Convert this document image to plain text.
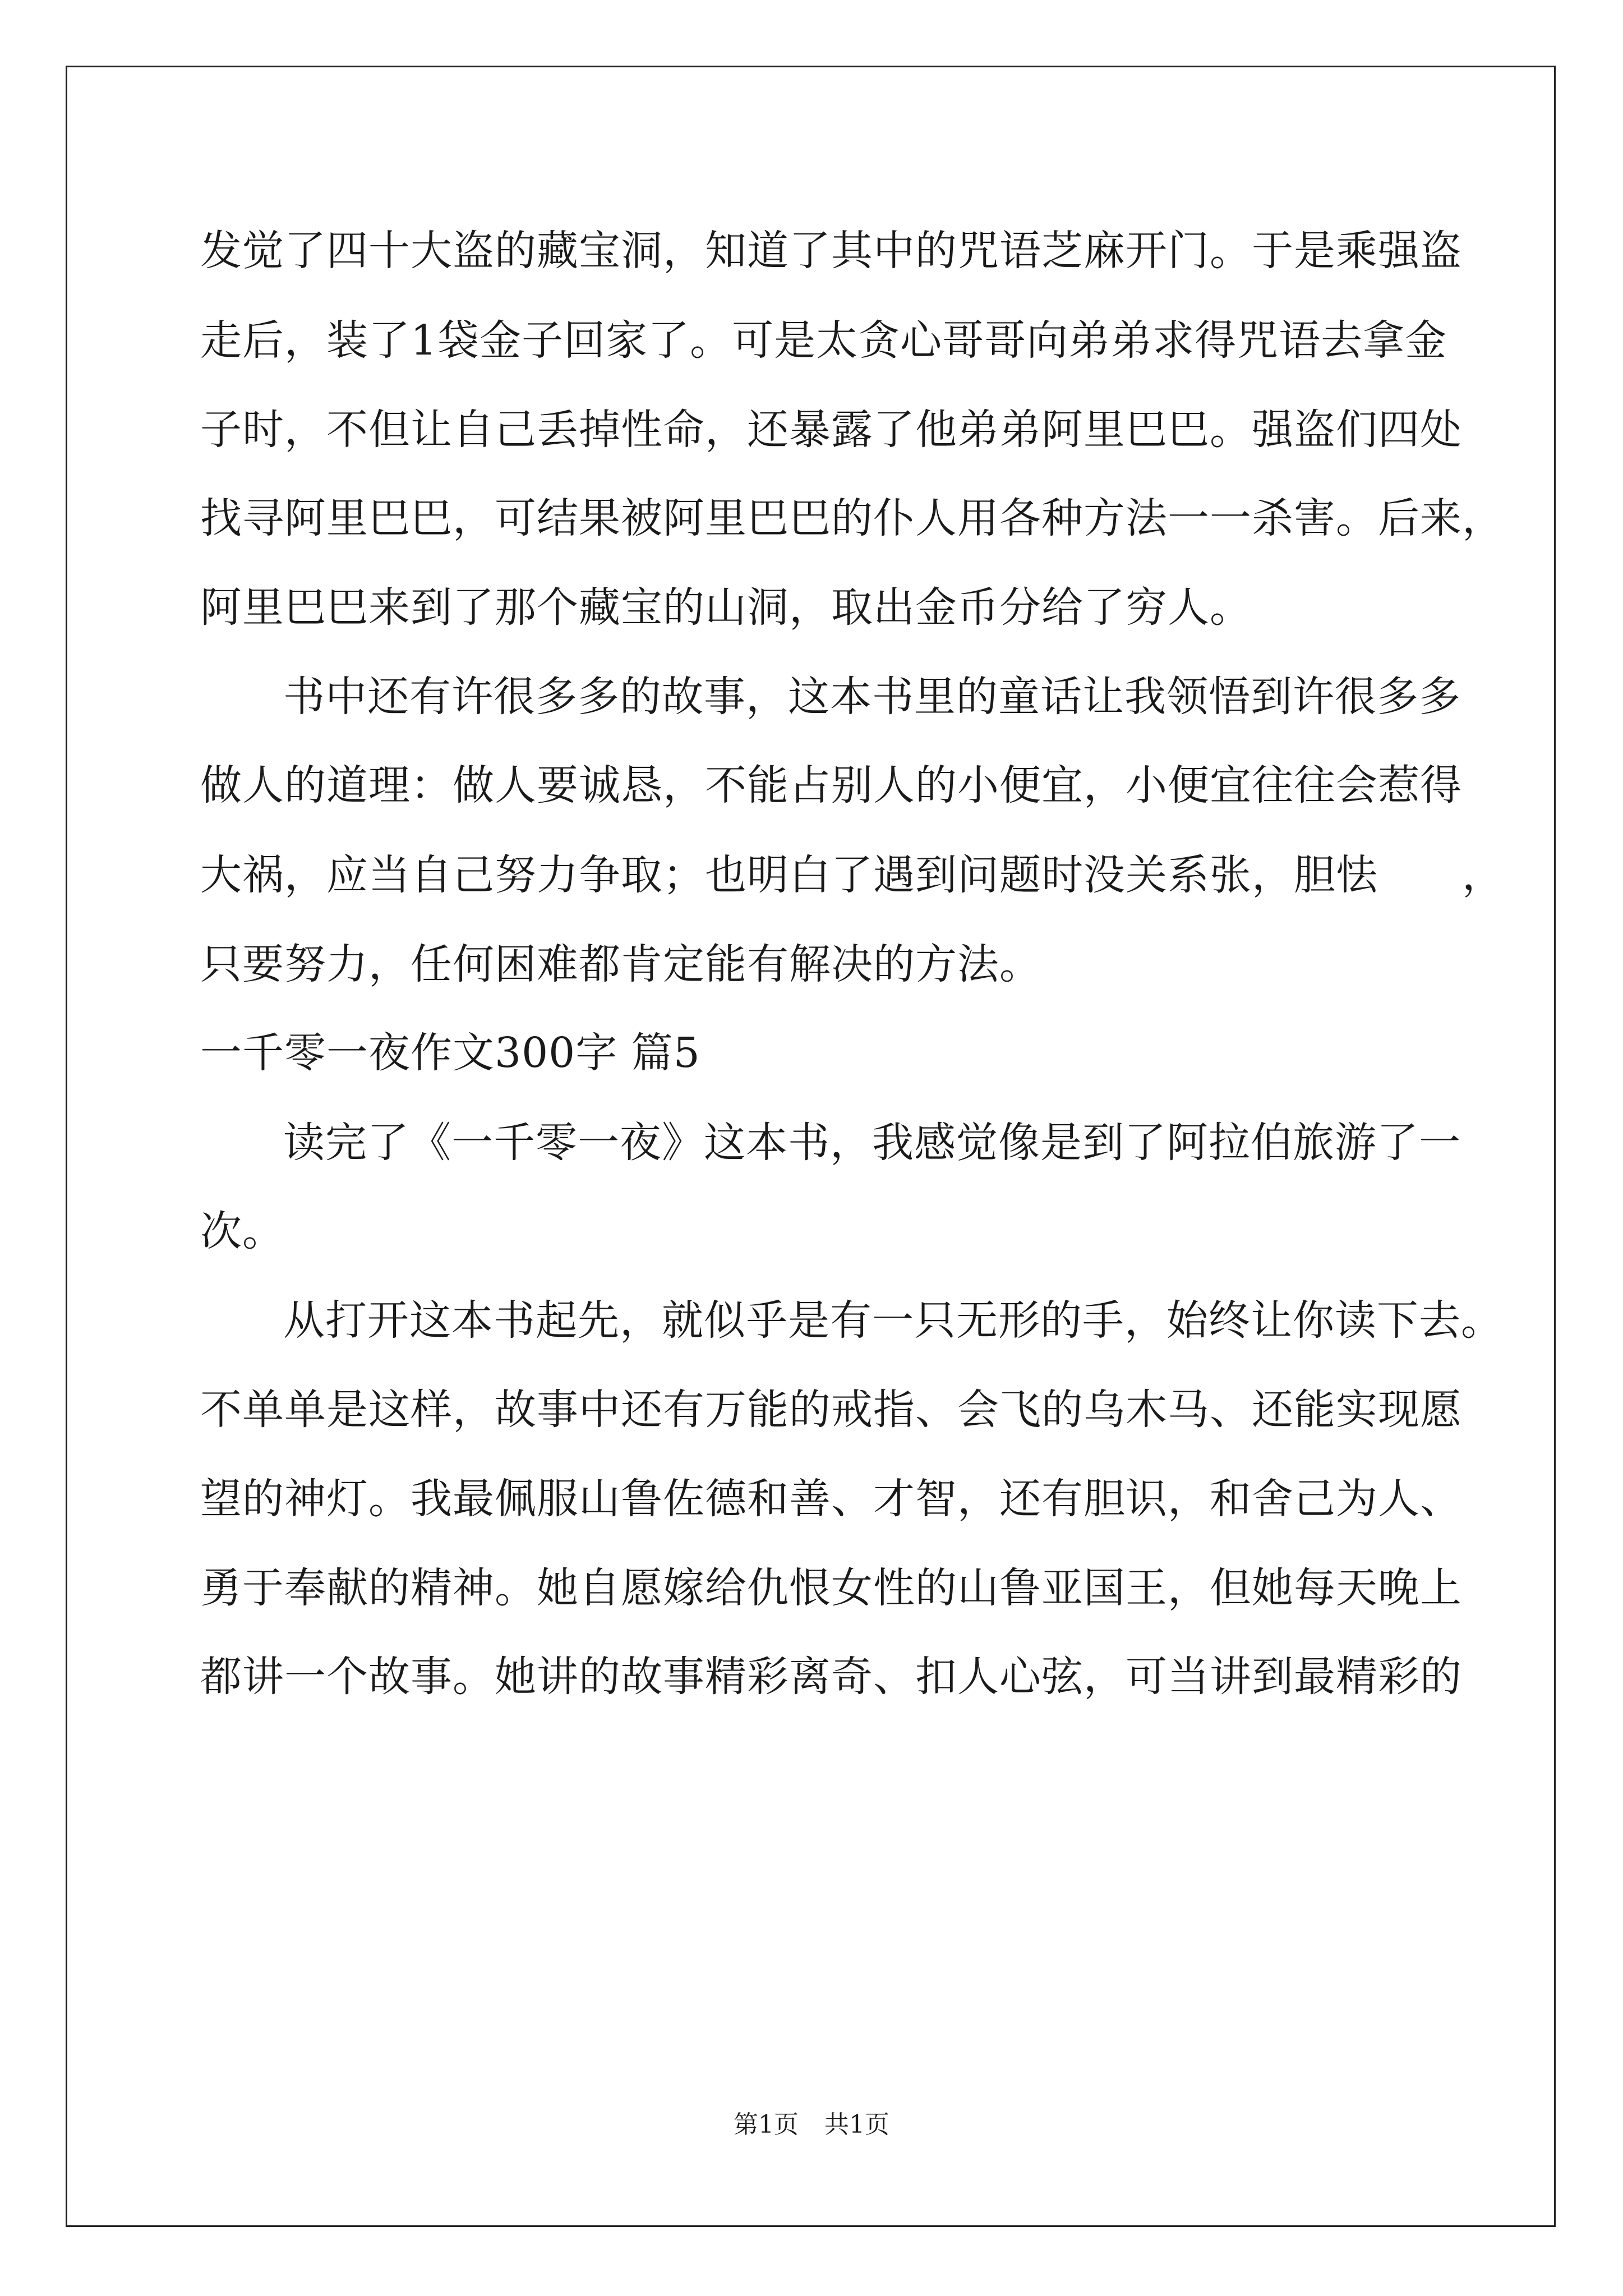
发觉了四十大盗的藏宝洞，知道了其中的咒语芝麻开门。于是乘强盗
走后，装了1袋金子回家了。可是太贪心哥哥向弟弟求得咒语去拿金
子时，不但让自己丢掉性命，还暴露了他弟弟阿里巴巴。强盗们四处
找寻阿里巴巴，可结果被阿里巴巴的仆人用各种方法一一杀害。后来，
阿里巴巴来到了那个藏宝的山洞，取出金币分给了穷人。
书中还有许很多多的故事，这本书里的童话让我领悟到许很多多
做人的道理：做人要诚恳，不能占别人的小便宜，小便宜往往会惹得
大祸，应当自己努力争取；也明白了遇到问题时没关系张，胆怯　　，
只要努力，任何困难都肯定能有解决的方法。
一千零一夜作文300字 篇5
读完了《一千零一夜》这本书，我感觉像是到了阿拉伯旅游了一
次。
从打开这本书起先，就似乎是有一只无形的手，始终让你读下去。
不单单是这样，故事中还有万能的戒指、会飞的乌木马、还能实现愿
望的神灯。我最佩服山鲁佐德和善、才智，还有胆识，和舍己为人、
勇于奉献的精神。她自愿嫁给仇恨女性的山鲁亚国王，但她每天晚上
都讲一个故事。她讲的故事精彩离奇、扣人心弦，可当讲到最精彩的
第1页 共1页
